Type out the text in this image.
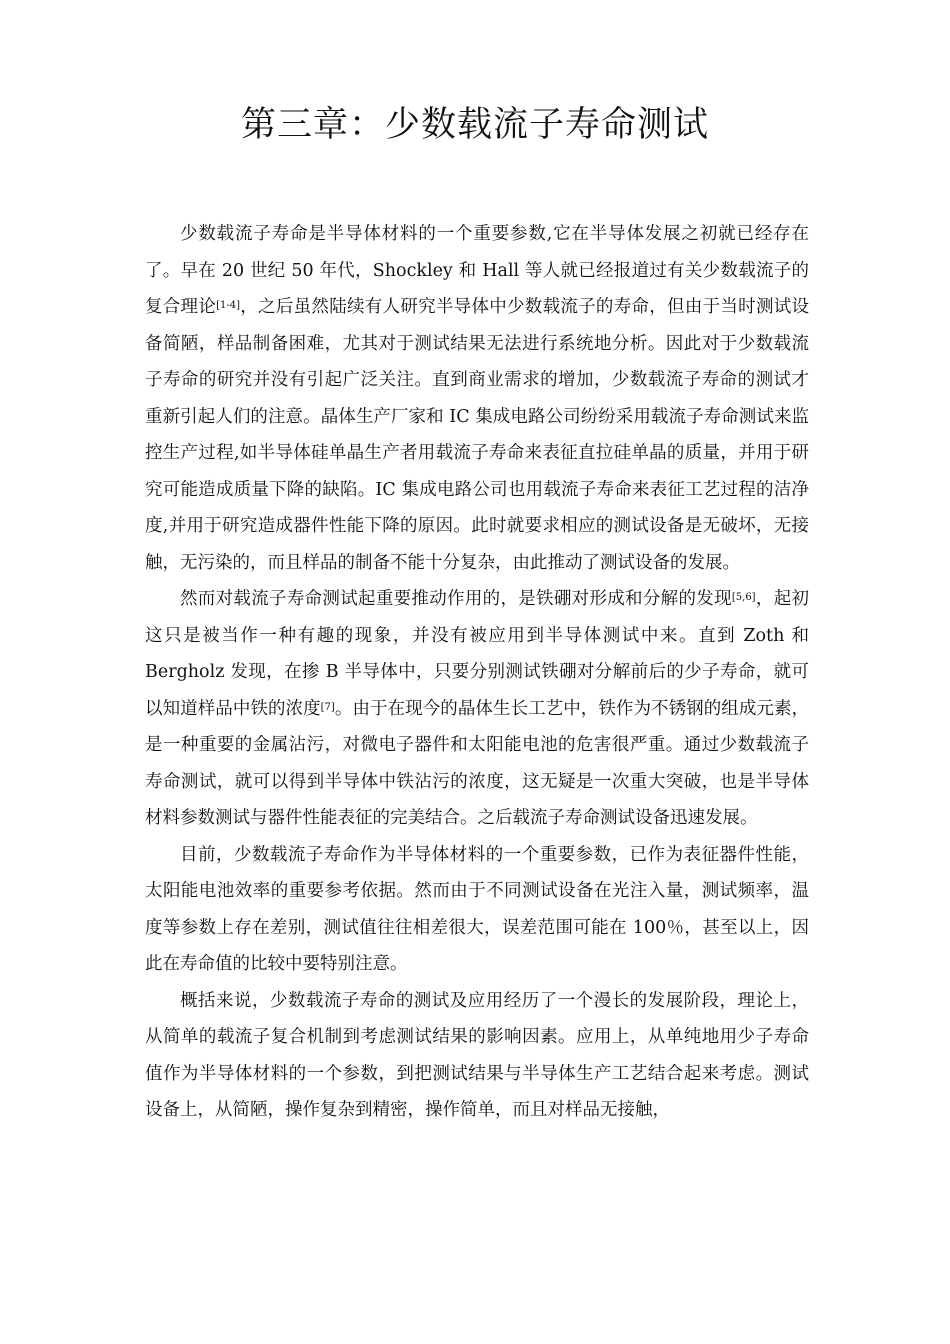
第三章：少数载流子寿命测试

少数载流子寿命是半导体材料的一个重要参数,它在半导体发展之初就已经存在了。早在 20 世纪 50 年代，Shockley 和 Hall 等人就已经报道过有关少数载流子的复合理论[1-4]，之后虽然陆续有人研究半导体中少数载流子的寿命，但由于当时测试设备简陋，样品制备困难，尤其对于测试结果无法进行系统地分析。因此对于少数载流子寿命的研究并没有引起广泛关注。直到商业需求的增加，少数载流子寿命的测试才重新引起人们的注意。晶体生产厂家和 IC 集成电路公司纷纷采用载流子寿命测试来监控生产过程,如半导体硅单晶生产者用载流子寿命来表征直拉硅单晶的质量，并用于研究可能造成质量下降的缺陷。IC 集成电路公司也用载流子寿命来表征工艺过程的洁净度,并用于研究造成器件性能下降的原因。此时就要求相应的测试设备是无破坏，无接触，无污染的，而且样品的制备不能十分复杂，由此推动了测试设备的发展。

然而对载流子寿命测试起重要推动作用的，是铁硼对形成和分解的发现[5,6]，起初这只是被当作一种有趣的现象，并没有被应用到半导体测试中来。直到 Zoth 和 Bergholz 发现，在掺 B 半导体中，只要分别测试铁硼对分解前后的少子寿命，就可以知道样品中铁的浓度[7]。由于在现今的晶体生长工艺中，铁作为不锈钢的组成元素，是一种重要的金属沾污，对微电子器件和太阳能电池的危害很严重。通过少数载流子寿命测试，就可以得到半导体中铁沾污的浓度，这无疑是一次重大突破，也是半导体材料参数测试与器件性能表征的完美结合。之后载流子寿命测试设备迅速发展。

目前，少数载流子寿命作为半导体材料的一个重要参数，已作为表征器件性能，太阳能电池效率的重要参考依据。然而由于不同测试设备在光注入量，测试频率，温度等参数上存在差别，测试值往往相差很大，误差范围可能在 100％，甚至以上，因此在寿命值的比较中要特别注意。

概括来说，少数载流子寿命的测试及应用经历了一个漫长的发展阶段，理论上，从简单的载流子复合机制到考虑测试结果的影响因素。应用上，从单纯地用少子寿命值作为半导体材料的一个参数，到把测试结果与半导体生产工艺结合起来考虑。测试设备上，从简陋，操作复杂到精密，操作简单，而且对样品无接触，
